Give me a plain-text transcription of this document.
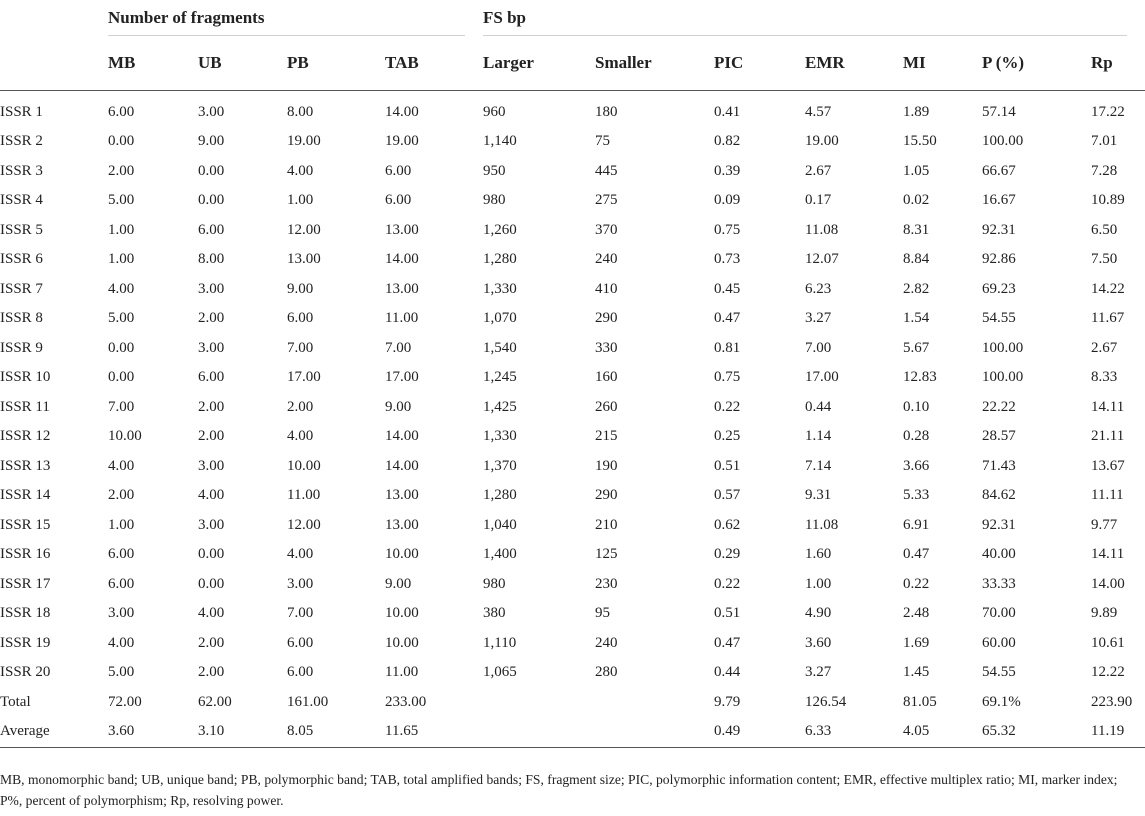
	Number of fragments				FS bp						
	MB	UB	PB	TAB	Larger	Smaller	PIC	EMR	MI	P (%)	Rp
ISSR 1	6.00	3.00	8.00	14.00	960	180	0.41	4.57	1.89	57.14	17.22
ISSR 2	0.00	9.00	19.00	19.00	1,140	75	0.82	19.00	15.50	100.00	7.01
ISSR 3	2.00	0.00	4.00	6.00	950	445	0.39	2.67	1.05	66.67	7.28
ISSR 4	5.00	0.00	1.00	6.00	980	275	0.09	0.17	0.02	16.67	10.89
ISSR 5	1.00	6.00	12.00	13.00	1,260	370	0.75	11.08	8.31	92.31	6.50
ISSR 6	1.00	8.00	13.00	14.00	1,280	240	0.73	12.07	8.84	92.86	7.50
ISSR 7	4.00	3.00	9.00	13.00	1,330	410	0.45	6.23	2.82	69.23	14.22
ISSR 8	5.00	2.00	6.00	11.00	1,070	290	0.47	3.27	1.54	54.55	11.67
ISSR 9	0.00	3.00	7.00	7.00	1,540	330	0.81	7.00	5.67	100.00	2.67
ISSR 10	0.00	6.00	17.00	17.00	1,245	160	0.75	17.00	12.83	100.00	8.33
ISSR 11	7.00	2.00	2.00	9.00	1,425	260	0.22	0.44	0.10	22.22	14.11
ISSR 12	10.00	2.00	4.00	14.00	1,330	215	0.25	1.14	0.28	28.57	21.11
ISSR 13	4.00	3.00	10.00	14.00	1,370	190	0.51	7.14	3.66	71.43	13.67
ISSR 14	2.00	4.00	11.00	13.00	1,280	290	0.57	9.31	5.33	84.62	11.11
ISSR 15	1.00	3.00	12.00	13.00	1,040	210	0.62	11.08	6.91	92.31	9.77
ISSR 16	6.00	0.00	4.00	10.00	1,400	125	0.29	1.60	0.47	40.00	14.11
ISSR 17	6.00	0.00	3.00	9.00	980	230	0.22	1.00	0.22	33.33	14.00
ISSR 18	3.00	4.00	7.00	10.00	380	95	0.51	4.90	2.48	70.00	9.89
ISSR 19	4.00	2.00	6.00	10.00	1,110	240	0.47	3.60	1.69	60.00	10.61
ISSR 20	5.00	2.00	6.00	11.00	1,065	280	0.44	3.27	1.45	54.55	12.22
Total	72.00	62.00	161.00	233.00			9.79	126.54	81.05	69.1%	223.90
Average	3.60	3.10	8.05	11.65			0.49	6.33	4.05	65.32	11.19
MB, monomorphic band; UB, unique band; PB, polymorphic band; TAB, total amplified bands; FS, fragment size; PIC, polymorphic information content; EMR, effective multiplex ratio; MI, marker index; P%, percent of polymorphism; Rp, resolving power.
